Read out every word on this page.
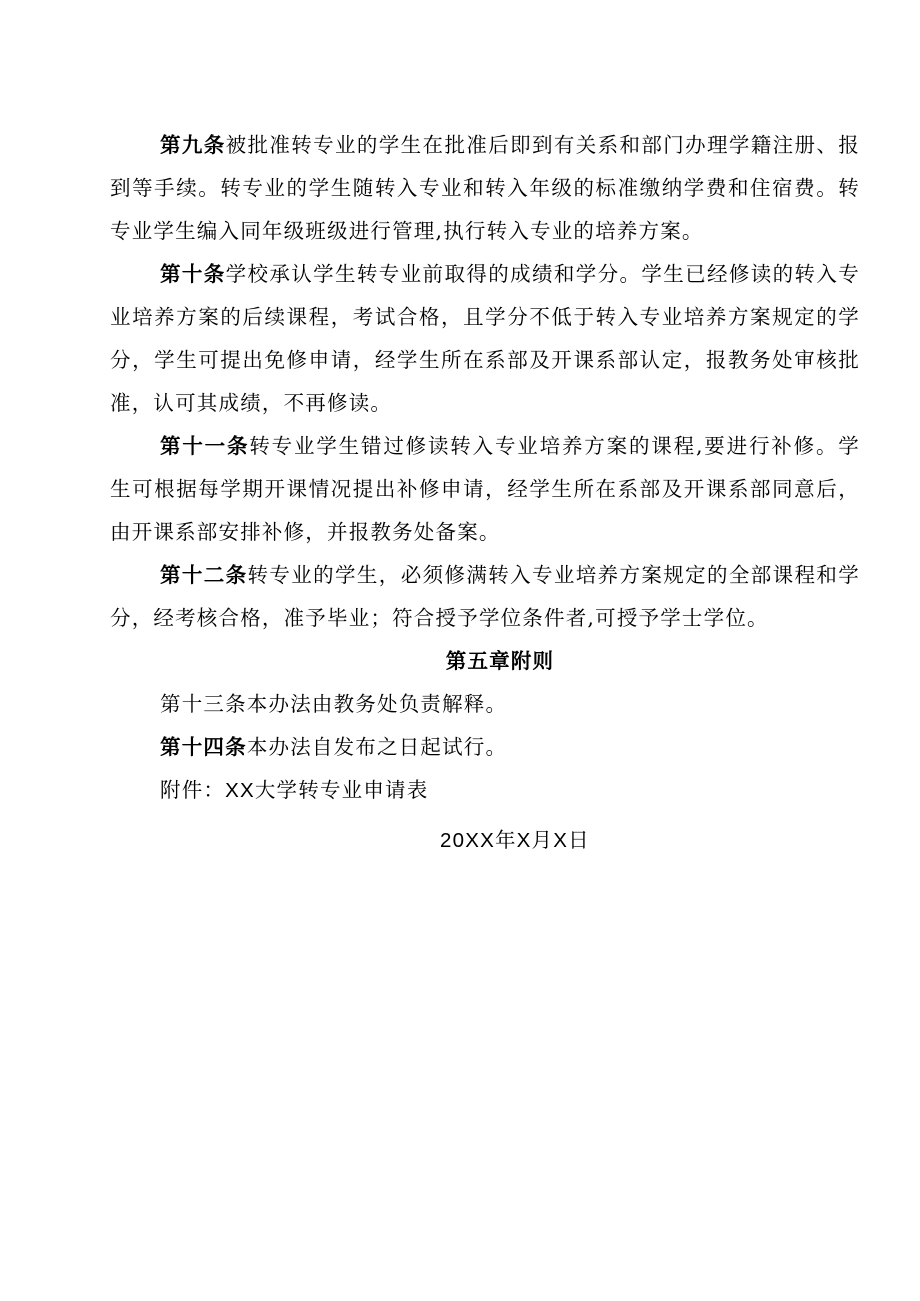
第九条被批准转专业的学生在批准后即到有关系和部门办理学籍注册、报到等手续。转专业的学生随转入专业和转入年级的标准缴纳学费和住宿费。转专业学生编入同年级班级进行管理,执行转入专业的培养方案。

第十条学校承认学生转专业前取得的成绩和学分。学生已经修读的转入专业培养方案的后续课程，考试合格，且学分不低于转入专业培养方案规定的学分，学生可提出免修申请，经学生所在系部及开课系部认定，报教务处审核批准，认可其成绩，不再修读。

第十一条转专业学生错过修读转入专业培养方案的课程,要进行补修。学生可根据每学期开课情况提出补修申请，经学生所在系部及开课系部同意后，由开课系部安排补修，并报教务处备案。

第十二条转专业的学生，必须修满转入专业培养方案规定的全部课程和学分，经考核合格，准予毕业；符合授予学位条件者,可授予学士学位。

第五章附则

第十三条本办法由教务处负责解释。

第十四条本办法自发布之日起试行。

附件：XX大学转专业申请表

20XX年X月X日
